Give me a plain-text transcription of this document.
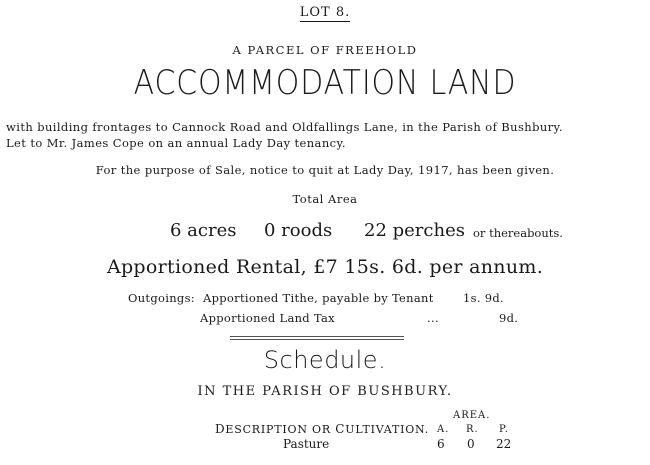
LOT 8.
A PARCEL OF FREEHOLD
ACCOMMODATION LAND
with building frontages to Cannock Road and Oldfallings Lane, in the Parish of Bushbury.
Let to Mr. James Cope on an annual Lady Day tenancy.
For the purpose of Sale, notice to quit at Lady Day, 1917, has been given.
Total Area
6 acres 0 roods 22 perches or thereabouts.
Apportioned Rental, £7 15s. 6d. per annum.
Outgoings: Apportioned Tithe, payable by Tenant	1s. 9d.
Apportioned Land Tax	...	9d.
Schedule.
IN THE PARISH OF BUSHBURY.
AREA.
DESCRIPTION OR CULTIVATION. A. R. P.
Pasture	6 0 22
